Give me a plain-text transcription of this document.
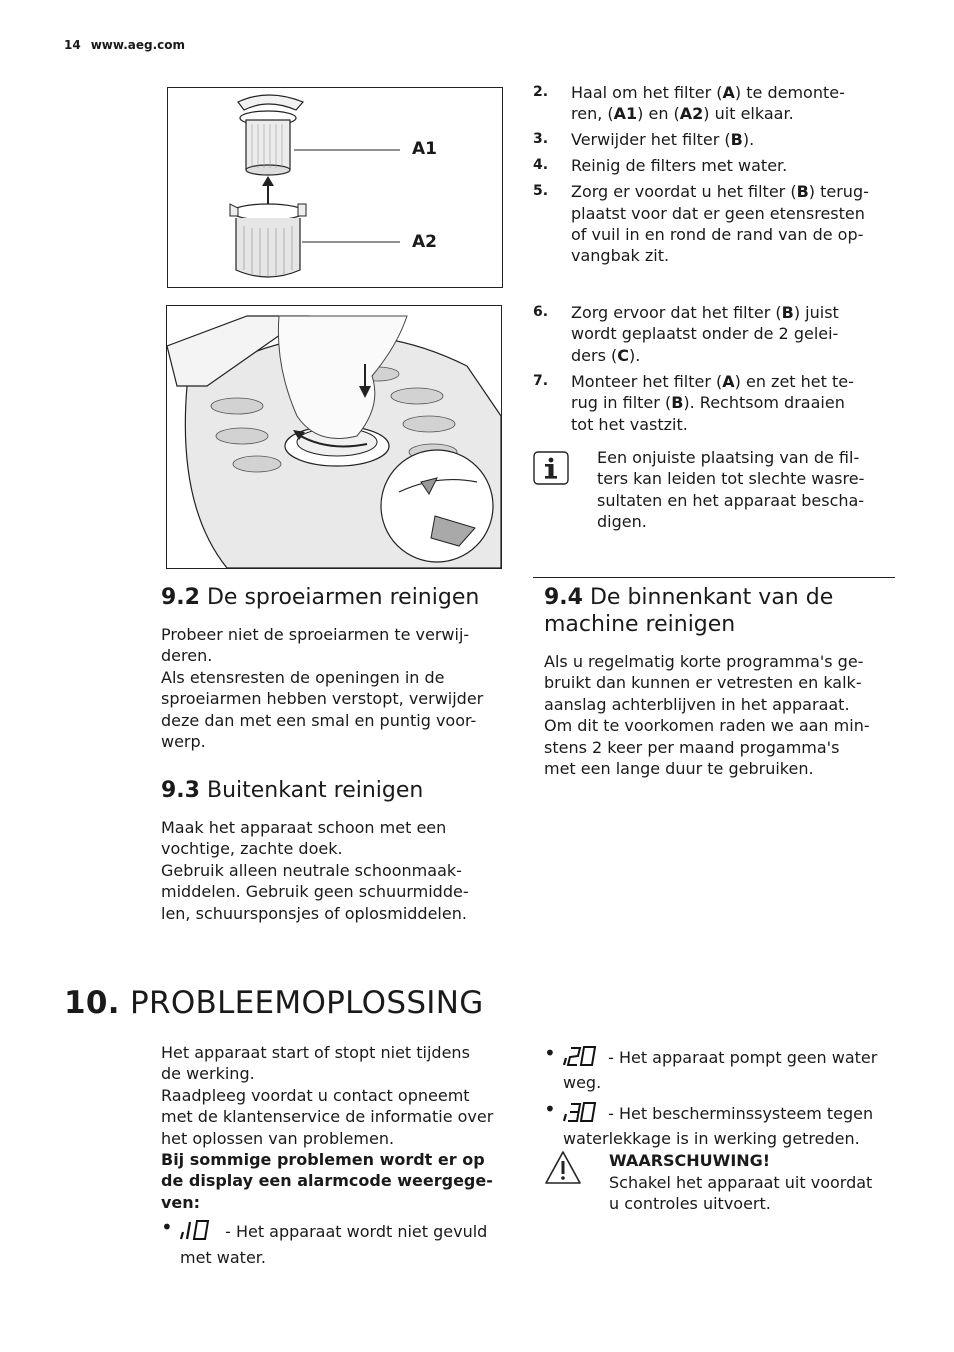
14 www.aeg.com
A1
A2
2. Haal om het filter (A) te demonte-
ren, (A1) en (A2) uit elkaar.
3. Verwijder het filter (B).
4. Reinig de filters met water.
5. Zorg er voordat u het filter (B) terug-
plaatst voor dat er geen etensresten
of vuil in en rond de rand van de op-
vangbak zit.
6. Zorg ervoor dat het filter (B) juist
wordt geplaatst onder de 2 gelei-
ders (C).
7. Monteer het filter (A) en zet het te-
rug in filter (B). Rechtsom draaien
tot het vastzit.
Een onjuiste plaatsing van de fil-
ters kan leiden tot slechte wasre-
sultaten en het apparaat bescha-
digen.
9.2 De sproeiarmen reinigen
Probeer niet de sproeiarmen te verwij-
deren.
Als etensresten de openingen in de
sproeiarmen hebben verstopt, verwijder
deze dan met een smal en puntig voor-
werp.
9.3 Buitenkant reinigen
Maak het apparaat schoon met een
vochtige, zachte doek.
Gebruik alleen neutrale schoonmaak-
middelen. Gebruik geen schuurmidde-
len, schuursponsjes of oplosmiddelen.
9.4 De binnenkant van de
machine reinigen
Als u regelmatig korte programma's ge-
bruikt dan kunnen er vetresten en kalk-
aanslag achterblijven in het apparaat.
Om dit te voorkomen raden we aan min-
stens 2 keer per maand progamma's
met een lange duur te gebruiken.
10. PROBLEEMOPLOSSING
Het apparaat start of stopt niet tijdens
de werking.
Raadpleeg voordat u contact opneemt
met de klantenservice de informatie over
het oplossen van problemen.
Bij sommige problemen wordt er op
de display een alarmcode weergege-
ven:
•	- Het apparaat wordt niet gevuld
met water.
•	- Het apparaat pompt geen water
weg.
•	- Het bescherminssysteem tegen
waterlekkage is in werking getreden.
WAARSCHUWING!
Schakel het apparaat uit voordat
u controles uitvoert.
